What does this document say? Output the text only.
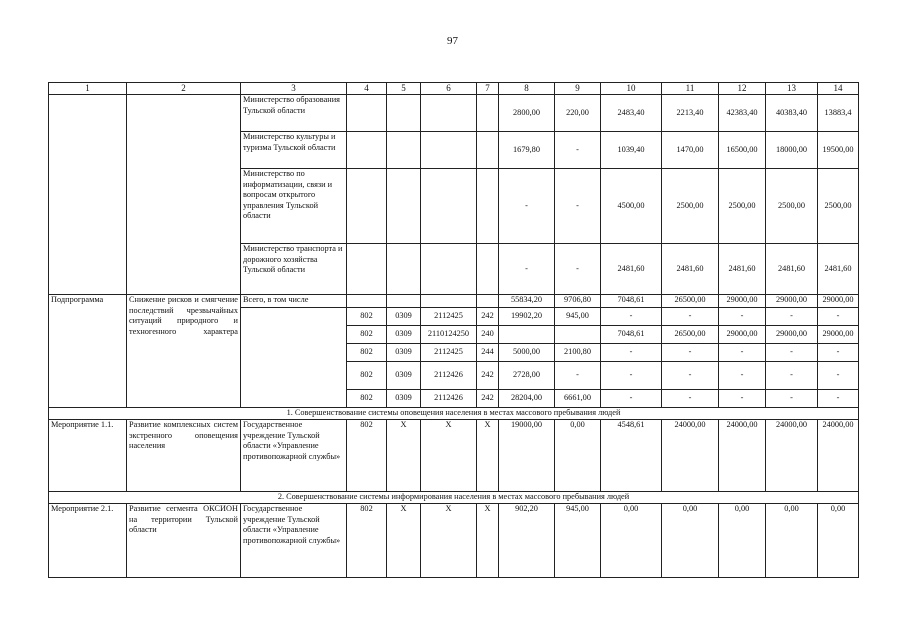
97
1	2	3	4	5	6	7	8	9	10	11	12	13	14
		Министерство образования Тульской области					2800,00	220,00	2483,40	2213,40	42383,40	40383,40	13883,4
		Министерство культуры и туризма Тульской области					1679,80	-	1039,40	1470,00	16500,00	18000,00	19500,00
		Министерство по информатизации, связи и вопросам открытого управления Тульской области					-	-	4500,00	2500,00	2500,00	2500,00	2500,00
		Министерство транспорта и дорожного хозяйства Тульской области					-	-	2481,60	2481,60	2481,60	2481,60	2481,60
Подпрограмма	Снижение рисков и смягчение последствий чрезвычайных ситуаций природного и техногенного характера	Всего, в том числе					55834,20	9706,80	7048,61	26500,00	29000,00	29000,00	29000,00
			802	0309	2112425	242	19902,20	945,00	-	-	-	-	-
			802	0309	2110124250	240			7048,61	26500,00	29000,00	29000,00	29000,00
			802	0309	2112425	244	5000,00	2100,80	-	-	-	-	-
			802	0309	2112426	242	2728,00	-	-	-	-	-	-
			802	0309	2112426	242	28204,00	6661,00	-	-	-	-	-
1. Совершенствование системы оповещения населения в местах массового пребывания людей													
Мероприятие 1.1.	Развитие комплексных систем экстренного оповещения населения	Государственное учреждение Тульской области «Управление противопожарной службы»	802	Х	Х	Х	19000,00	0,00	4548,61	24000,00	24000,00	24000,00	24000,00
2. Совершенствование системы информирования населения в местах массового пребывания людей													
Мероприятие 2.1.	Развитие сегмента ОКСИОН на территории Тульской области	Государственное учреждение Тульской области «Управление противопожарной службы»	802	Х	Х	Х	902,20	945,00	0,00	0,00	0,00	0,00	0,00
